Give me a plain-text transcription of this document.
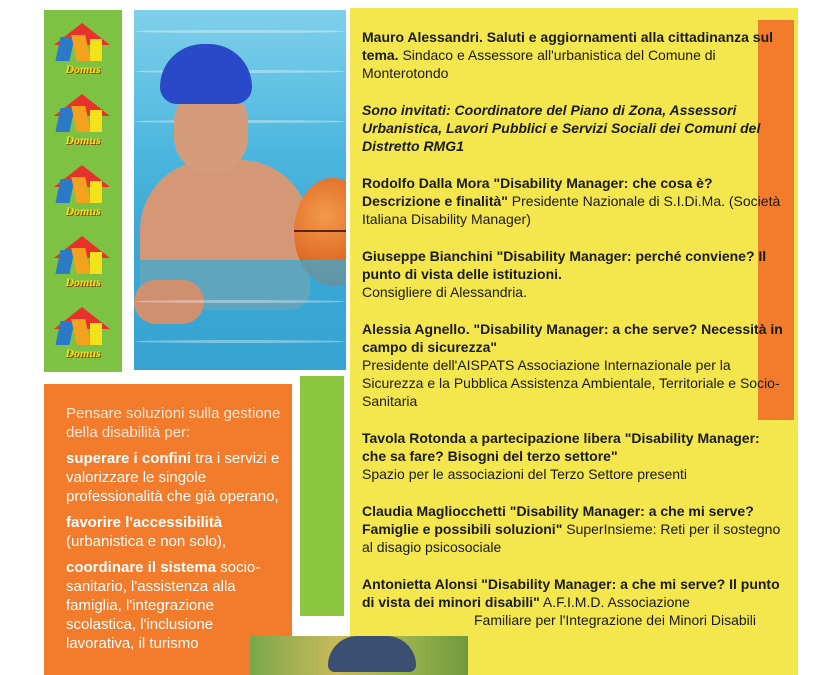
Domus
Domus
Domus
Domus
Domus
Mauro Alessandri. Saluti e aggiornamenti alla cittadinanza sul tema. Sindaco e Assessore all'urbanistica del Comune di Monterotondo
Sono invitati: Coordinatore del Piano di Zona, Assessori Urbanistica, Lavori Pubblici e Servizi Sociali dei Comuni del Distretto RMG1
Rodolfo Dalla Mora "Disability Manager: che cosa è? Descrizione e finalità" Presidente Nazionale di S.I.Di.Ma. (Società Italiana Disability Manager)
Giuseppe Bianchini "Disability Manager: perché conviene? Il punto di vista delle istituzioni.
Consigliere di Alessandria.
Alessia Agnello. "Disability Manager: a che serve? Necessità in campo di sicurezza"
Presidente dell'AISPATS Associazione Internazionale per la Sicurezza e la Pubblica Assistenza Ambientale, Territoriale e Socio-Sanitaria
Tavola Rotonda a partecipazione libera "Disability Manager: che sa fare? Bisogni del terzo settore"
Spazio per le associazioni del Terzo Settore presenti
Claudia Magliocchetti "Disability Manager: a che mi serve? Famiglie e possibili soluzioni" SuperInsieme: Reti per il sostegno al disagio psicosociale
Antonietta Alonsi "Disability Manager: a che mi serve? Il punto di vista dei minori disabili" A.F.I.M.D. Associazione
Familiare per l'Integrazione dei Minori Disabili

Pensare soluzioni sulla gestione della disabilità per:

superare i confini tra i servizi e valorizzare le singole professionalità che già operano,

favorire l'accessibilità (urbanistica e non solo),

coordinare il sistema socio-sanitario, l'assistenza alla famiglia, l'integrazione scolastica, l'inclusione lavorativa, il turismo
